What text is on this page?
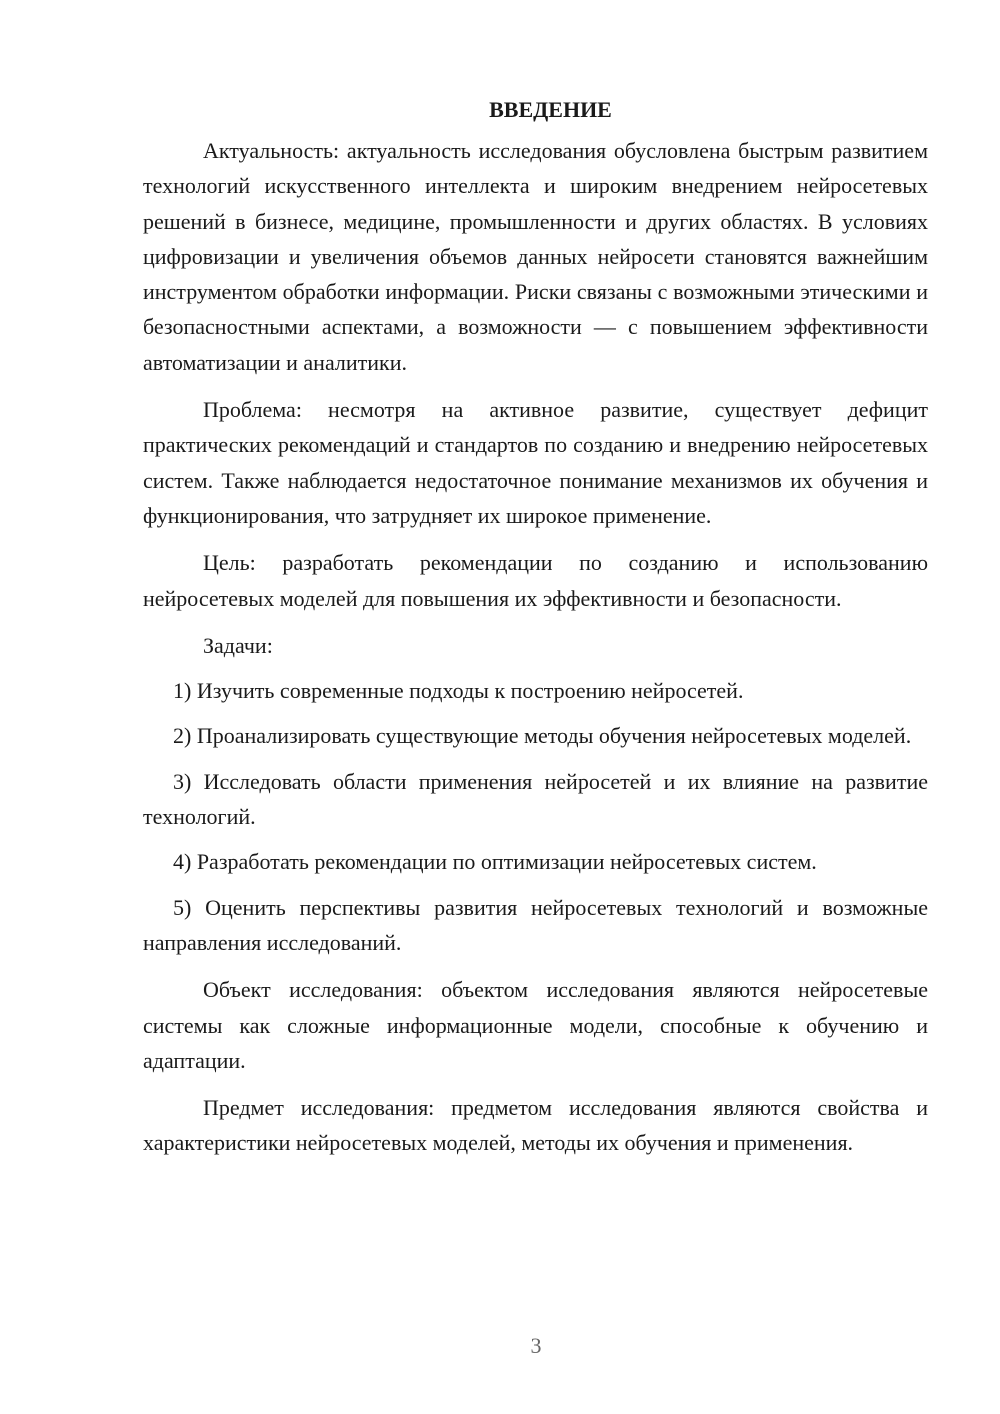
ВВЕДЕНИЕ

Актуальность: актуальность исследования обусловлена быстрым развитием технологий искусственного интеллекта и широким внедрением нейросетевых решений в бизнесе, медицине, промышленности и других областях. В условиях цифровизации и увеличения объемов данных нейросети становятся важнейшим инструментом обработки информации. Риски связаны с возможными этическими и безопасностными аспектами, а возможности — с повышением эффективности автоматизации и аналитики.

Проблема: несмотря на активное развитие, существует дефицит практических рекомендаций и стандартов по созданию и внедрению нейросетевых систем. Также наблюдается недостаточное понимание механизмов их обучения и функционирования, что затрудняет их широкое применение.

Цель: разработать рекомендации по созданию и использованию нейросетевых моделей для повышения их эффективности и безопасности.

Задачи:

1) Изучить современные подходы к построению нейросетей.

2) Проанализировать существующие методы обучения нейросетевых моделей.

3) Исследовать области применения нейросетей и их влияние на развитие технологий.

4) Разработать рекомендации по оптимизации нейросетевых систем.

5) Оценить перспективы развития нейросетевых технологий и возможные направления исследований.

Объект исследования: объектом исследования являются нейросетевые системы как сложные информационные модели, способные к обучению и адаптации.

Предмет исследования: предметом исследования являются свойства и характеристики нейросетевых моделей, методы их обучения и применения.

3
